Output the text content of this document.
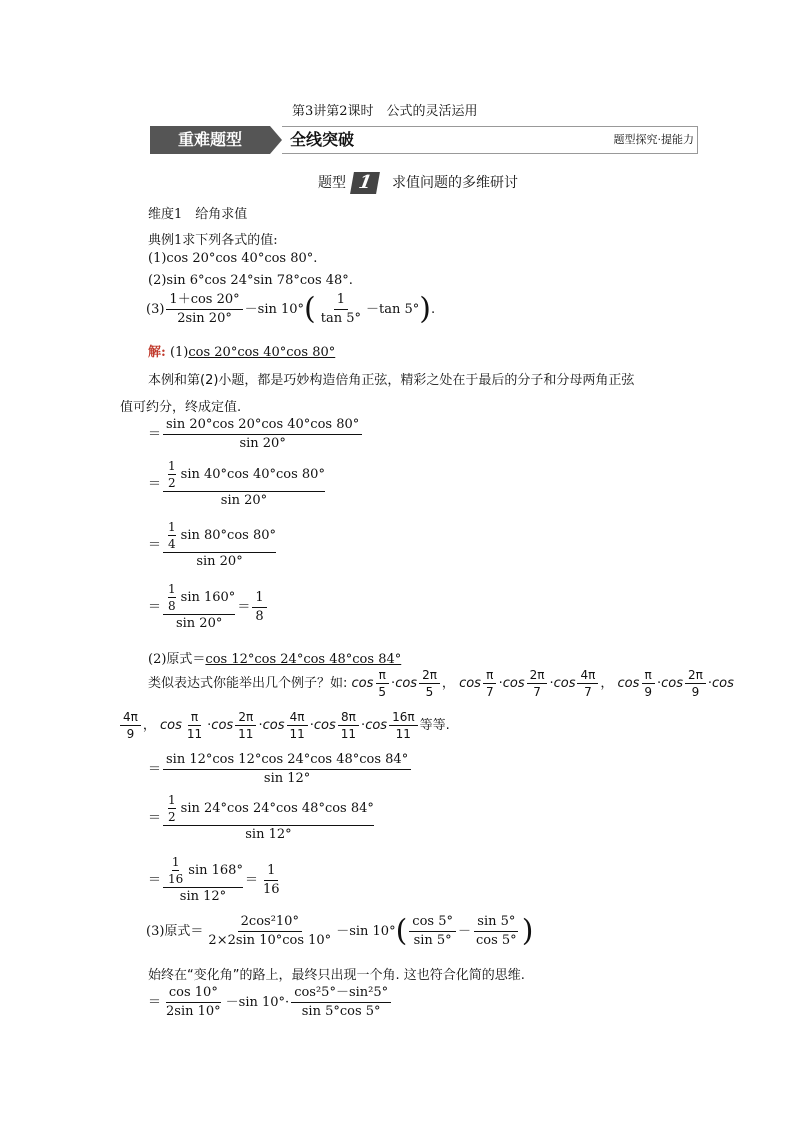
第3讲第2课时　公式的灵活运用
重难题型	全线突破	题型探究·提能力
题型 1 求值问题的多维研讨
维度1　给角求值
典例1求下列各式的值:
(1)cos 20°cos 40°cos 80°.
(2)sin 6°cos 24°sin 78°cos 48°.
$(3) \frac{1+\cos 20^\circ}{2\sin 20^\circ} -\sin$ $10^\circ( \frac{1}{\tan 5^\circ} -\tan$ 5°).
解: (1)cos 20°cos 40°cos 80°
本例和第(2)小题，都是巧妙构造倍角正弦，精彩之处在于最后的分子和分母两角正弦
值可约分，终成定值.
＝ $\frac{\sin 20^\circ\cos 20^\circ\cos 40^\circ\cos 80^\circ}{\sin 20^\circ}$
＝ $\frac{\frac{1}{2} \sin 40^\circ\cos 40^\circ\cos 80^\circ}{\sin 20^\circ}$
＝ $\frac{\frac{1}{4} \sin 80^\circ\cos 80^\circ}{\sin 20^\circ}$
＝ $\frac{\frac{1}{8} \sin 160^\circ}{\sin 20^\circ} = \frac{1}{8}$
(2)原式＝cos 12°cos 24°cos 48°cos 84°
类似表达式你能举出几个例子？如: $\cos \frac{\pi}{5} \cdot\cos \frac{2\pi}{5}$ ， $\cos \frac{\pi}{7} \cdot\cos \frac{2\pi}{7} \cdot\cos \frac{4\pi}{7}$ ， $\cos \frac{\pi}{9} \cdot\cos \frac{2\pi}{9} \cdot\cos$
$\frac{4\pi}{9}$ ， $\cos \frac{\pi}{11} \cdot\cos \frac{2\pi}{11} \cdot\cos \frac{4\pi}{11} \cdot\cos \frac{8\pi}{11} \cdot\cos \frac{16\pi}{11}$ 等等.
＝ $\frac{\sin 12^\circ\cos 12^\circ\cos 24^\circ\cos 48^\circ\cos 84^\circ}{\sin 12^\circ}$
＝ $\frac{\frac{1}{2} \sin 24^\circ\cos 24^\circ\cos 48^\circ\cos 84^\circ}{\sin 12^\circ}$
＝ $\frac{\frac{1}{16} \sin 168^\circ}{\sin 12^\circ} = \frac{1}{16}$
(3)原式＝ $\frac{\text{2cos²10°}}{2\times 2\sin 10^\circ\cos 10^\circ} -\sin$ $10^\circ( \frac{\cos 5^\circ}{\sin 5^\circ} - \frac{\sin 5^\circ}{\cos 5^\circ}$ )
始终在“变化角”的路上，最终只出现一个角. 这也符合化简的思维.
＝ $\frac{\cos 10^\circ}{2\sin 10^\circ} -\sin$ $10^\circ\cdot \frac{\text{cos²5°－sin²5°}}{\sin 5^\circ\cos 5^\circ}$
